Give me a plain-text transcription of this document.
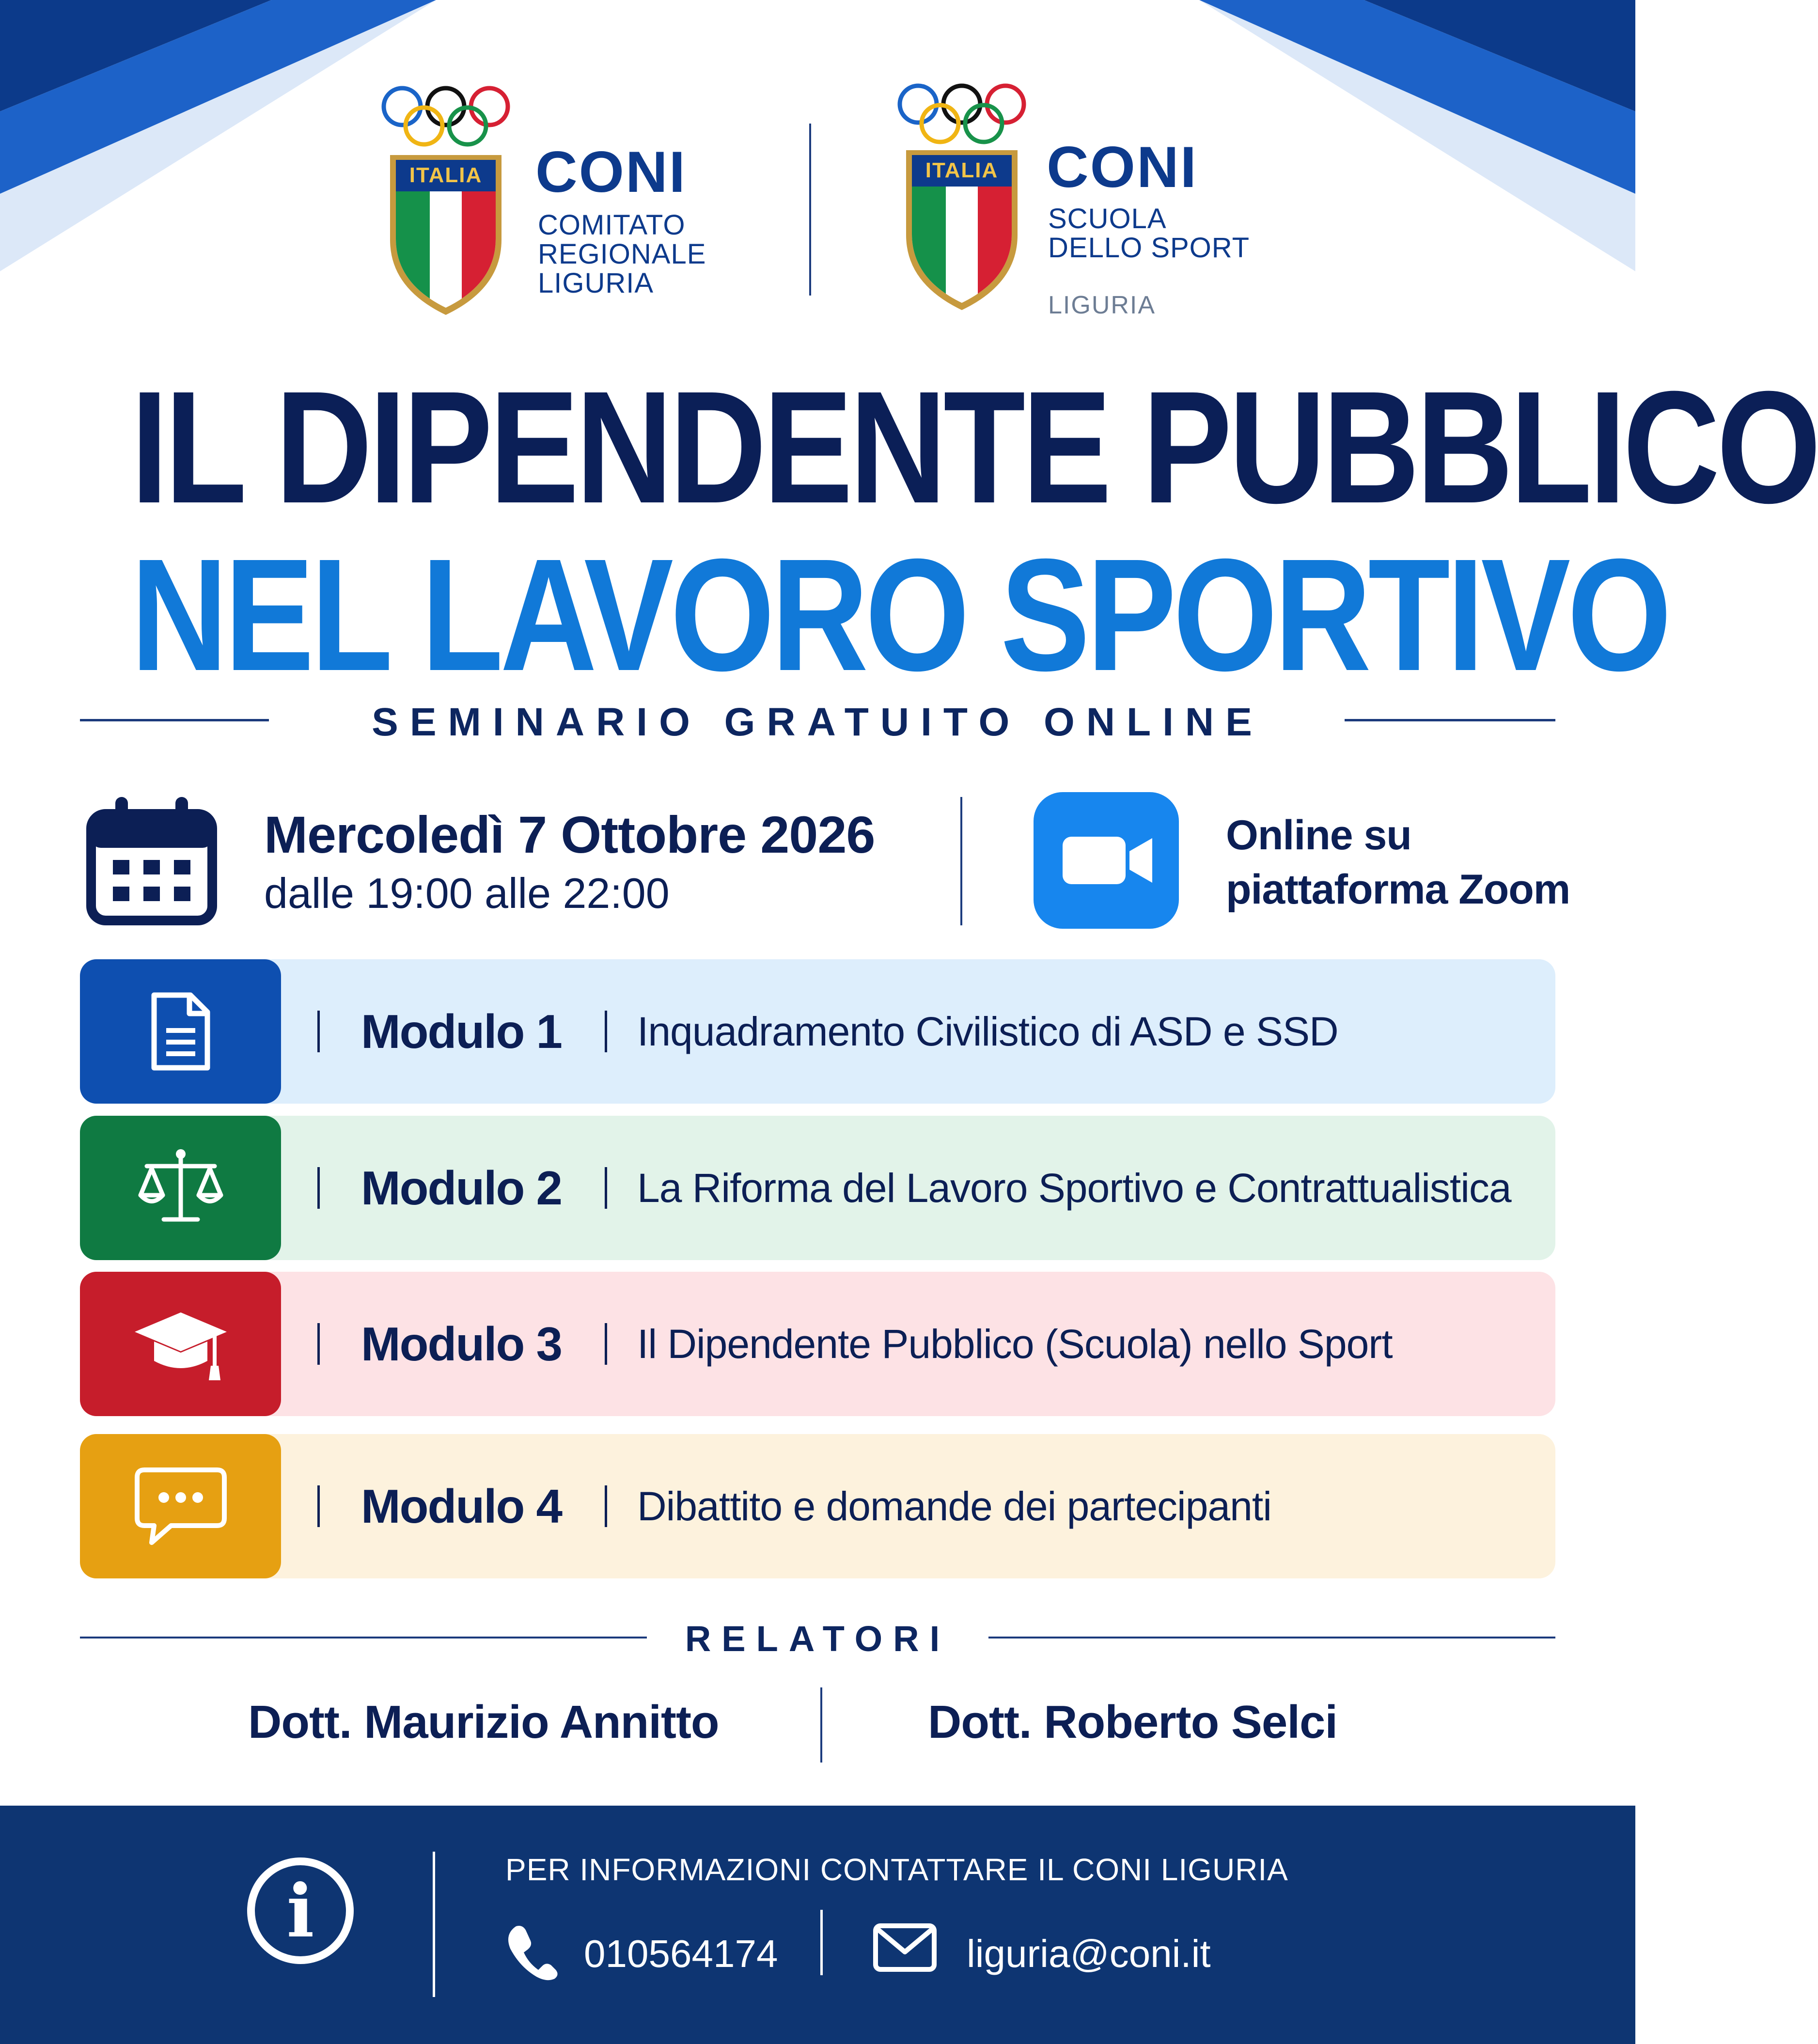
ITALIA CONI
COMITATO
REGIONALE
LIGURIA
ITALIA CONI
SCUOLA
DELLO SPORT
LIGURIA
IL DIPENDENTE PUBBLICO
NEL LAVORO SPORTIVO
SEMINARIO GRATUITO ONLINE
Mercoledì 7 Ottobre 2026
dalle 19:00 alle 22:00
Online su
piattaforma Zoom
Modulo 1 Inquadramento Civilistico di ASD e SSD
Modulo 2 La Riforma del Lavoro Sportivo e Contrattualistica
Modulo 3 Il Dipendente Pubblico (Scuola) nello Sport
Modulo 4 Dibattito e domande dei partecipanti
RELATORI
Dott. Maurizio Annitto	Dott. Roberto Selci
i	PER INFORMAZIONI CONTATTARE IL CONI LIGURIA
010564174	liguria@coni.it
